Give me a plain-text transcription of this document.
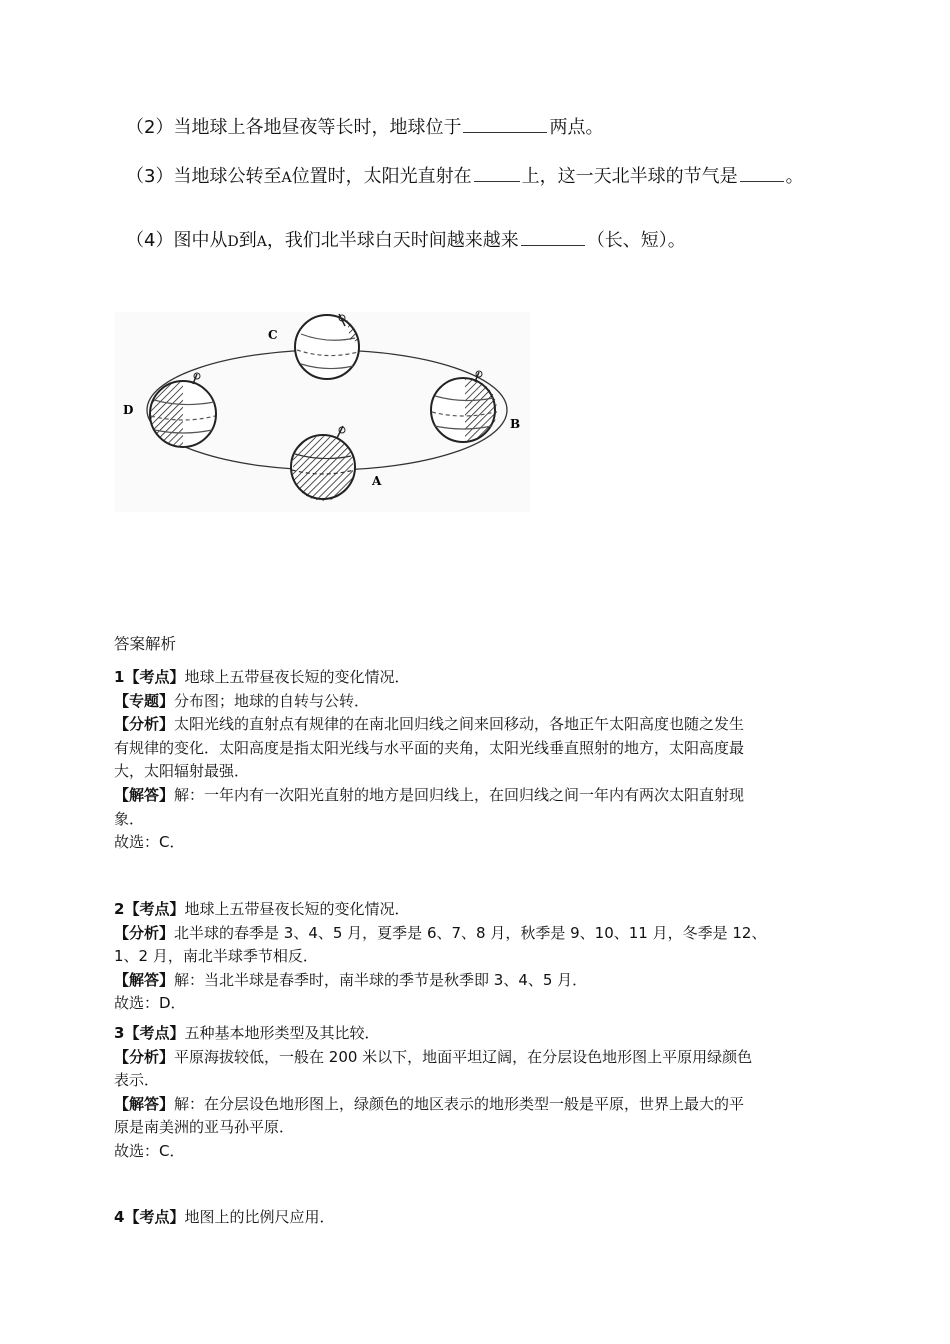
（2）当地球上各地昼夜等长时，地球位于	两点。
（3）当地球公转至A位置时，太阳光直射在	上，这一天北半球的节气是	。
（4）图中从D到A，我们北半球白天时间越来越来	（长、短）。
C
D
B
A
答案解析

1【考点】地球上五带昼夜长短的变化情况．

【专题】分布图；地球的自转与公转．

【分析】太阳光线的直射点有规律的在南北回归线之间来回移动，各地正午太阳高度也随之发生

有规律的变化．太阳高度是指太阳光线与水平面的夹角，太阳光线垂直照射的地方，太阳高度最

大，太阳辐射最强．

【解答】解：一年内有一次阳光直射的地方是回归线上，在回归线之间一年内有两次太阳直射现

象．

故选：C．

2【考点】地球上五带昼夜长短的变化情况．

【分析】北半球的春季是 3、4、5 月，夏季是 6、7、8 月，秋季是 9、10、11 月，冬季是 12、

1、2 月，南北半球季节相反．

【解答】解：当北半球是春季时，南半球的季节是秋季即 3、4、5 月．

故选：D．

3【考点】五种基本地形类型及其比较．

【分析】平原海拔较低，一般在 200 米以下，地面平坦辽阔，在分层设色地形图上平原用绿颜色

表示．

【解答】解：在分层设色地形图上，绿颜色的地区表示的地形类型一般是平原，世界上最大的平

原是南美洲的亚马孙平原．

故选：C．

4【考点】地图上的比例尺应用．
